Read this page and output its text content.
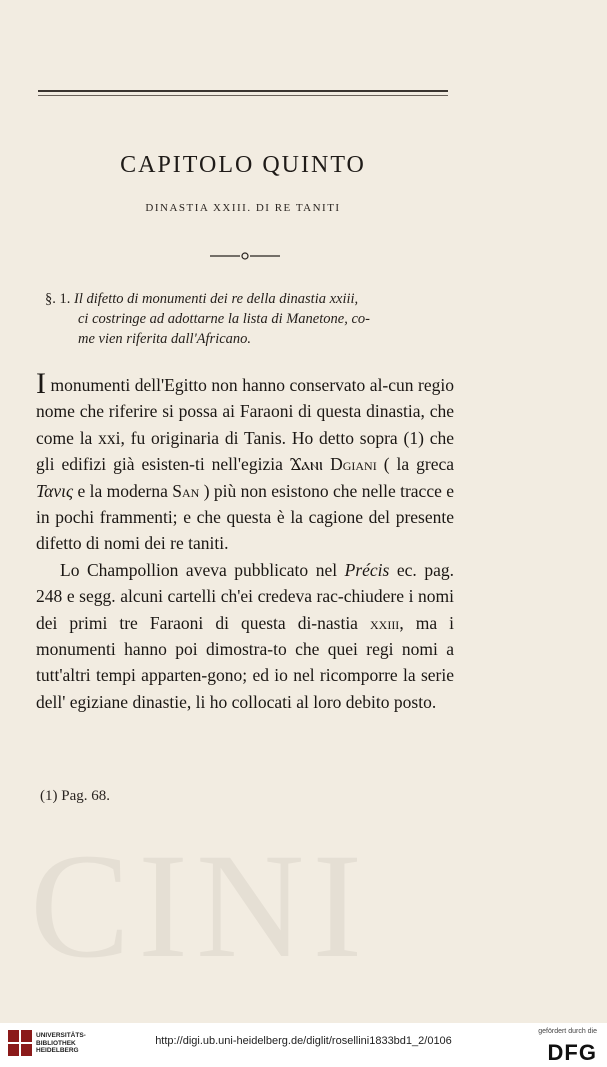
CAPITOLO QUINTO
DINASTIA XXIII. DI RE TANITI
§. 1. Il difetto di monumenti dei re della dinastia xxiii,
ci costringe ad adottarne la lista di Manetone, co-
me vien riferita dall'Africano.

I monumenti dell'Egitto non hanno conservato al-cun regio nome che riferire si possa ai Faraoni di questa dinastia, che come la xxi, fu originaria di Tanis. Ho detto sopra (1) che gli edifizi già esisten-ti nell'egizia Ϫⲁⲛⲓ Dgiani ( la greca Τανις e la moderna San ) più non esistono che nelle tracce e in pochi frammenti; e che questa è la cagione del presente difetto di nomi dei re taniti.

Lo Champollion aveva pubblicato nel Précis ec. pag. 248 e segg. alcuni cartelli ch'ei credeva rac-chiudere i nomi dei primi tre Faraoni di questa di-nastia xxiii, ma i monumenti hanno poi dimostra-to che quei regi nomi a tutt'altri tempi apparten-gono; ed io nel ricomporre la serie dell' egiziane dinastie, li ho collocati al loro debito posto.

(1) Pag. 68.
CINI
UNIVERSITÄTS-
BIBLIOTHEK
HEIDELBERG
http://digi.ub.uni-heidelberg.de/diglit/rosellini1833bd1_2/0106
gefördert durch die
DFG
